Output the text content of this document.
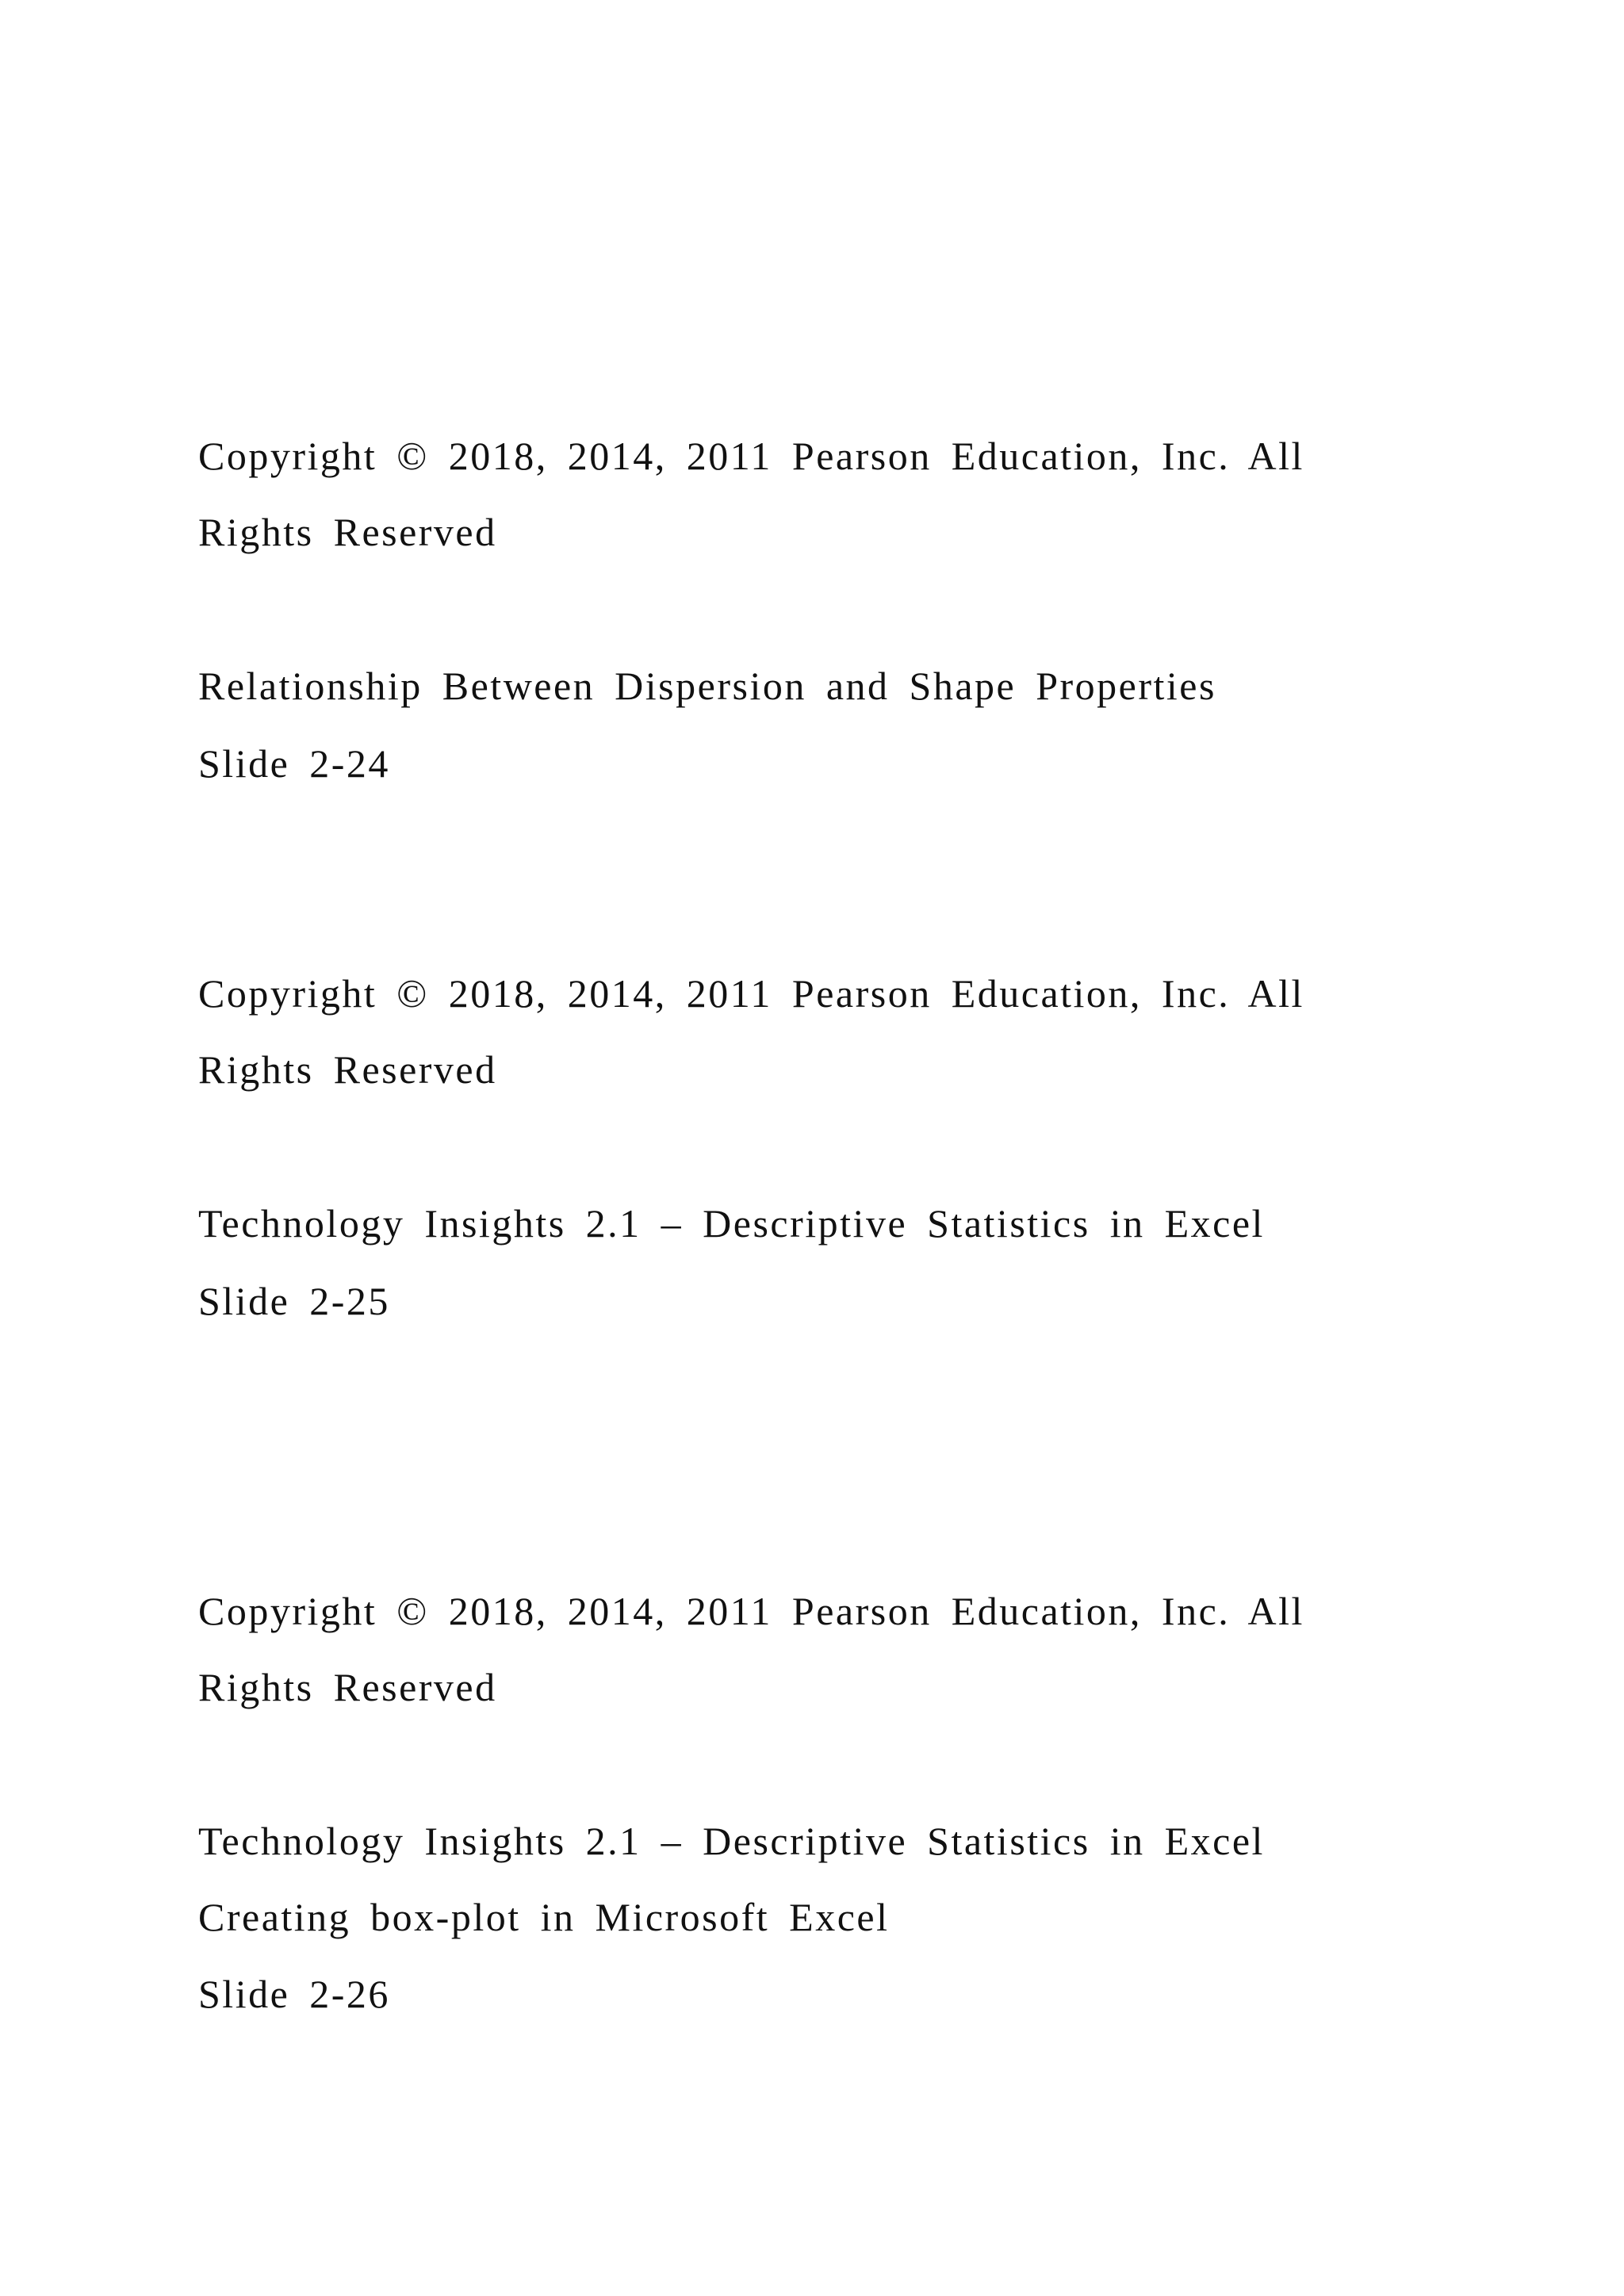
Copyright © 2018, 2014, 2011 Pearson Education, Inc. All
Rights Reserved
Relationship Between Dispersion and Shape Properties
Slide 2-24
Copyright © 2018, 2014, 2011 Pearson Education, Inc. All
Rights Reserved
Technology Insights 2.1 – Descriptive Statistics in Excel
Slide 2-25
Copyright © 2018, 2014, 2011 Pearson Education, Inc. All
Rights Reserved
Technology Insights 2.1 – Descriptive Statistics in Excel
Creating box-plot in Microsoft Excel
Slide 2-26
